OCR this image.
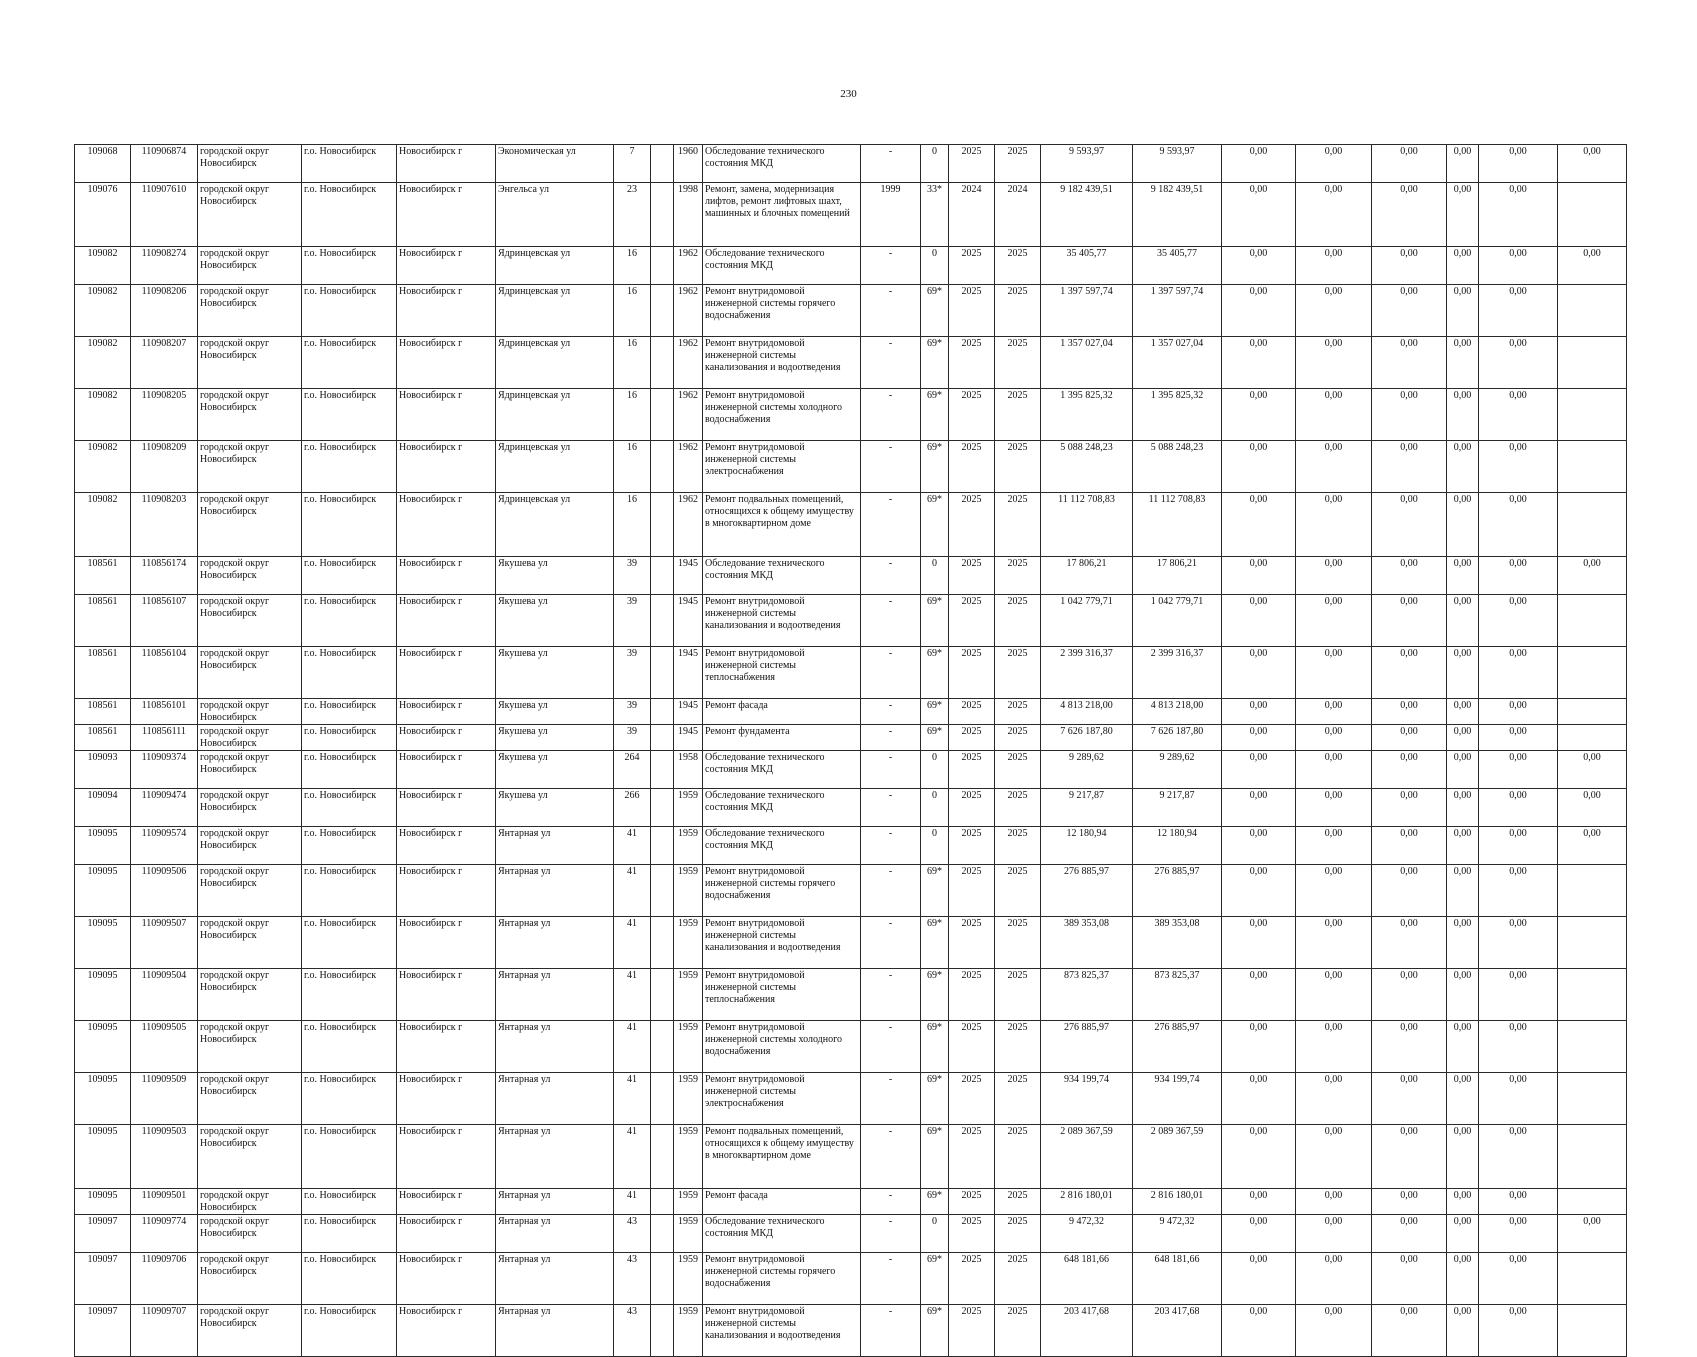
230
109068	110906874	городской округ Новосибирск	г.о. Новосибирск	Новосибирск г	Экономическая ул	7		1960	Обследование технического состояния МКД	-	0	2025	2025	9 593,97	9 593,97	0,00	0,00	0,00	0,00	0,00	0,00
109076	110907610	городской округ Новосибирск	г.о. Новосибирск	Новосибирск г	Энгельса ул	23		1998	Ремонт, замена, модернизация лифтов, ремонт лифтовых шахт, машинных и блочных помещений	1999	33*	2024	2024	9 182 439,51	9 182 439,51	0,00	0,00	0,00	0,00	0,00	
109082	110908274	городской округ Новосибирск	г.о. Новосибирск	Новосибирск г	Ядринцевская ул	16		1962	Обследование технического состояния МКД	-	0	2025	2025	35 405,77	35 405,77	0,00	0,00	0,00	0,00	0,00	0,00
109082	110908206	городской округ Новосибирск	г.о. Новосибирск	Новосибирск г	Ядринцевская ул	16		1962	Ремонт внутридомовой инженерной системы горячего водоснабжения	-	69*	2025	2025	1 397 597,74	1 397 597,74	0,00	0,00	0,00	0,00	0,00	
109082	110908207	городской округ Новосибирск	г.о. Новосибирск	Новосибирск г	Ядринцевская ул	16		1962	Ремонт внутридомовой инженерной системы канализования и водоотведения	-	69*	2025	2025	1 357 027,04	1 357 027,04	0,00	0,00	0,00	0,00	0,00	
109082	110908205	городской округ Новосибирск	г.о. Новосибирск	Новосибирск г	Ядринцевская ул	16		1962	Ремонт внутридомовой инженерной системы холодного водоснабжения	-	69*	2025	2025	1 395 825,32	1 395 825,32	0,00	0,00	0,00	0,00	0,00	
109082	110908209	городской округ Новосибирск	г.о. Новосибирск	Новосибирск г	Ядринцевская ул	16		1962	Ремонт внутридомовой инженерной системы электроснабжения	-	69*	2025	2025	5 088 248,23	5 088 248,23	0,00	0,00	0,00	0,00	0,00	
109082	110908203	городской округ Новосибирск	г.о. Новосибирск	Новосибирск г	Ядринцевская ул	16		1962	Ремонт подвальных помещений, относящихся к общему имуществу в многоквартирном доме	-	69*	2025	2025	11 112 708,83	11 112 708,83	0,00	0,00	0,00	0,00	0,00	
108561	110856174	городской округ Новосибирск	г.о. Новосибирск	Новосибирск г	Якушева ул	39		1945	Обследование технического состояния МКД	-	0	2025	2025	17 806,21	17 806,21	0,00	0,00	0,00	0,00	0,00	0,00
108561	110856107	городской округ Новосибирск	г.о. Новосибирск	Новосибирск г	Якушева ул	39		1945	Ремонт внутридомовой инженерной системы канализования и водоотведения	-	69*	2025	2025	1 042 779,71	1 042 779,71	0,00	0,00	0,00	0,00	0,00	
108561	110856104	городской округ Новосибирск	г.о. Новосибирск	Новосибирск г	Якушева ул	39		1945	Ремонт внутридомовой инженерной системы теплоснабжения	-	69*	2025	2025	2 399 316,37	2 399 316,37	0,00	0,00	0,00	0,00	0,00	
108561	110856101	городской округ Новосибирск	г.о. Новосибирск	Новосибирск г	Якушева ул	39		1945	Ремонт фасада	-	69*	2025	2025	4 813 218,00	4 813 218,00	0,00	0,00	0,00	0,00	0,00	
108561	110856111	городской округ Новосибирск	г.о. Новосибирск	Новосибирск г	Якушева ул	39		1945	Ремонт фундамента	-	69*	2025	2025	7 626 187,80	7 626 187,80	0,00	0,00	0,00	0,00	0,00	
109093	110909374	городской округ Новосибирск	г.о. Новосибирск	Новосибирск г	Якушева ул	264		1958	Обследование технического состояния МКД	-	0	2025	2025	9 289,62	9 289,62	0,00	0,00	0,00	0,00	0,00	0,00
109094	110909474	городской округ Новосибирск	г.о. Новосибирск	Новосибирск г	Якушева ул	266		1959	Обследование технического состояния МКД	-	0	2025	2025	9 217,87	9 217,87	0,00	0,00	0,00	0,00	0,00	0,00
109095	110909574	городской округ Новосибирск	г.о. Новосибирск	Новосибирск г	Янтарная ул	41		1959	Обследование технического состояния МКД	-	0	2025	2025	12 180,94	12 180,94	0,00	0,00	0,00	0,00	0,00	0,00
109095	110909506	городской округ Новосибирск	г.о. Новосибирск	Новосибирск г	Янтарная ул	41		1959	Ремонт внутридомовой инженерной системы горячего водоснабжения	-	69*	2025	2025	276 885,97	276 885,97	0,00	0,00	0,00	0,00	0,00	
109095	110909507	городской округ Новосибирск	г.о. Новосибирск	Новосибирск г	Янтарная ул	41		1959	Ремонт внутридомовой инженерной системы канализования и водоотведения	-	69*	2025	2025	389 353,08	389 353,08	0,00	0,00	0,00	0,00	0,00	
109095	110909504	городской округ Новосибирск	г.о. Новосибирск	Новосибирск г	Янтарная ул	41		1959	Ремонт внутридомовой инженерной системы теплоснабжения	-	69*	2025	2025	873 825,37	873 825,37	0,00	0,00	0,00	0,00	0,00	
109095	110909505	городской округ Новосибирск	г.о. Новосибирск	Новосибирск г	Янтарная ул	41		1959	Ремонт внутридомовой инженерной системы холодного водоснабжения	-	69*	2025	2025	276 885,97	276 885,97	0,00	0,00	0,00	0,00	0,00	
109095	110909509	городской округ Новосибирск	г.о. Новосибирск	Новосибирск г	Янтарная ул	41		1959	Ремонт внутридомовой инженерной системы электроснабжения	-	69*	2025	2025	934 199,74	934 199,74	0,00	0,00	0,00	0,00	0,00	
109095	110909503	городской округ Новосибирск	г.о. Новосибирск	Новосибирск г	Янтарная ул	41		1959	Ремонт подвальных помещений, относящихся к общему имуществу в многоквартирном доме	-	69*	2025	2025	2 089 367,59	2 089 367,59	0,00	0,00	0,00	0,00	0,00	
109095	110909501	городской округ Новосибирск	г.о. Новосибирск	Новосибирск г	Янтарная ул	41		1959	Ремонт фасада	-	69*	2025	2025	2 816 180,01	2 816 180,01	0,00	0,00	0,00	0,00	0,00	
109097	110909774	городской округ Новосибирск	г.о. Новосибирск	Новосибирск г	Янтарная ул	43		1959	Обследование технического состояния МКД	-	0	2025	2025	9 472,32	9 472,32	0,00	0,00	0,00	0,00	0,00	0,00
109097	110909706	городской округ Новосибирск	г.о. Новосибирск	Новосибирск г	Янтарная ул	43		1959	Ремонт внутридомовой инженерной системы горячего водоснабжения	-	69*	2025	2025	648 181,66	648 181,66	0,00	0,00	0,00	0,00	0,00	
109097	110909707	городской округ Новосибирск	г.о. Новосибирск	Новосибирск г	Янтарная ул	43		1959	Ремонт внутридомовой инженерной системы канализования и водоотведения	-	69*	2025	2025	203 417,68	203 417,68	0,00	0,00	0,00	0,00	0,00	
